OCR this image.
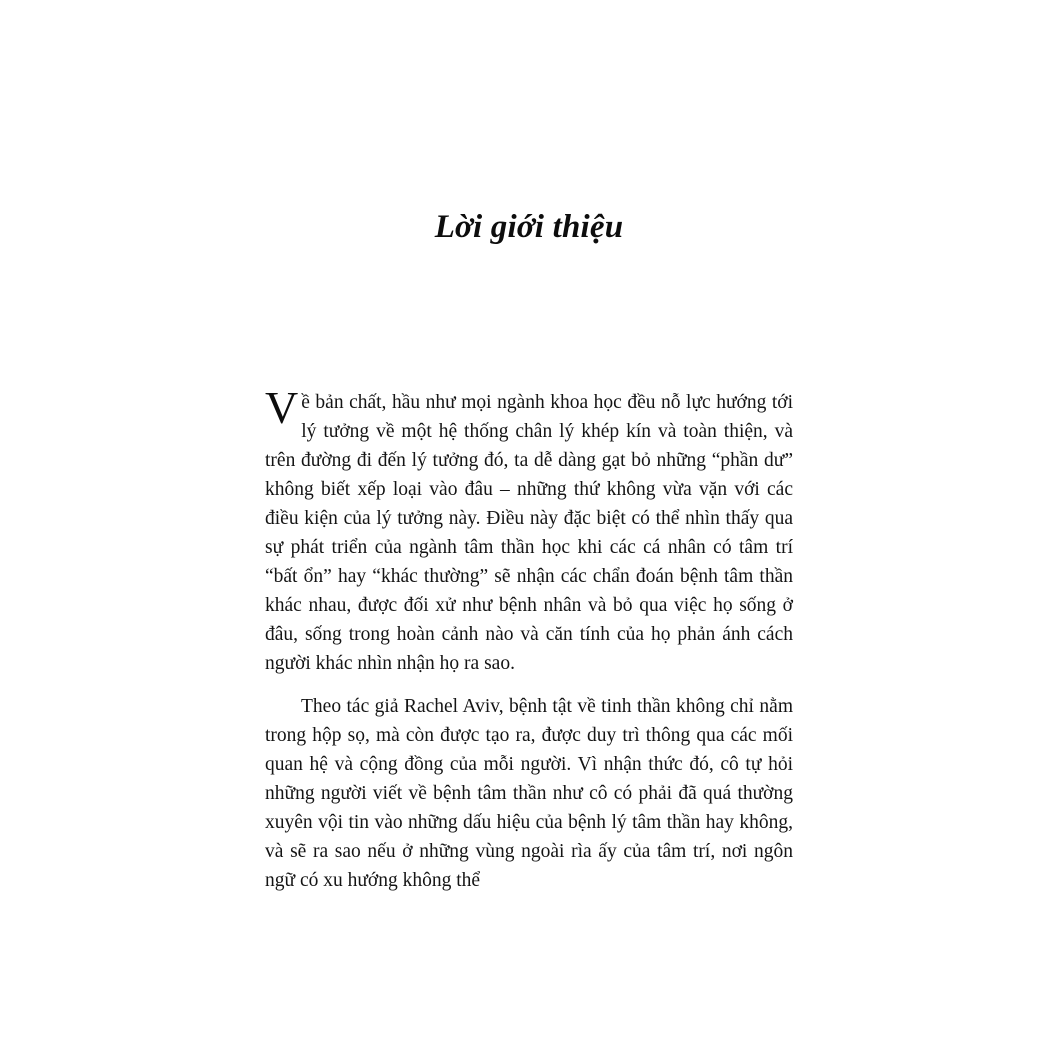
Lời giới thiệu

Về bản chất, hầu như mọi ngành khoa học đều nỗ lực hướng tới lý tưởng về một hệ thống chân lý khép kín và toàn thiện, và trên đường đi đến lý tưởng đó, ta dễ dàng gạt bỏ những “phần dư” không biết xếp loại vào đâu – những thứ không vừa vặn với các điều kiện của lý tưởng này. Điều này đặc biệt có thể nhìn thấy qua sự phát triển của ngành tâm thần học khi các cá nhân có tâm trí “bất ổn” hay “khác thường” sẽ nhận các chẩn đoán bệnh tâm thần khác nhau, được đối xử như bệnh nhân và bỏ qua việc họ sống ở đâu, sống trong hoàn cảnh nào và căn tính của họ phản ánh cách người khác nhìn nhận họ ra sao.

Theo tác giả Rachel Aviv, bệnh tật về tinh thần không chỉ nằm trong hộp sọ, mà còn được tạo ra, được duy trì thông qua các mối quan hệ và cộng đồng của mỗi người. Vì nhận thức đó, cô tự hỏi những người viết về bệnh tâm thần như cô có phải đã quá thường xuyên vội tin vào những dấu hiệu của bệnh lý tâm thần hay không, và sẽ ra sao nếu ở những vùng ngoài rìa ấy của tâm trí, nơi ngôn ngữ có xu hướng không thể
